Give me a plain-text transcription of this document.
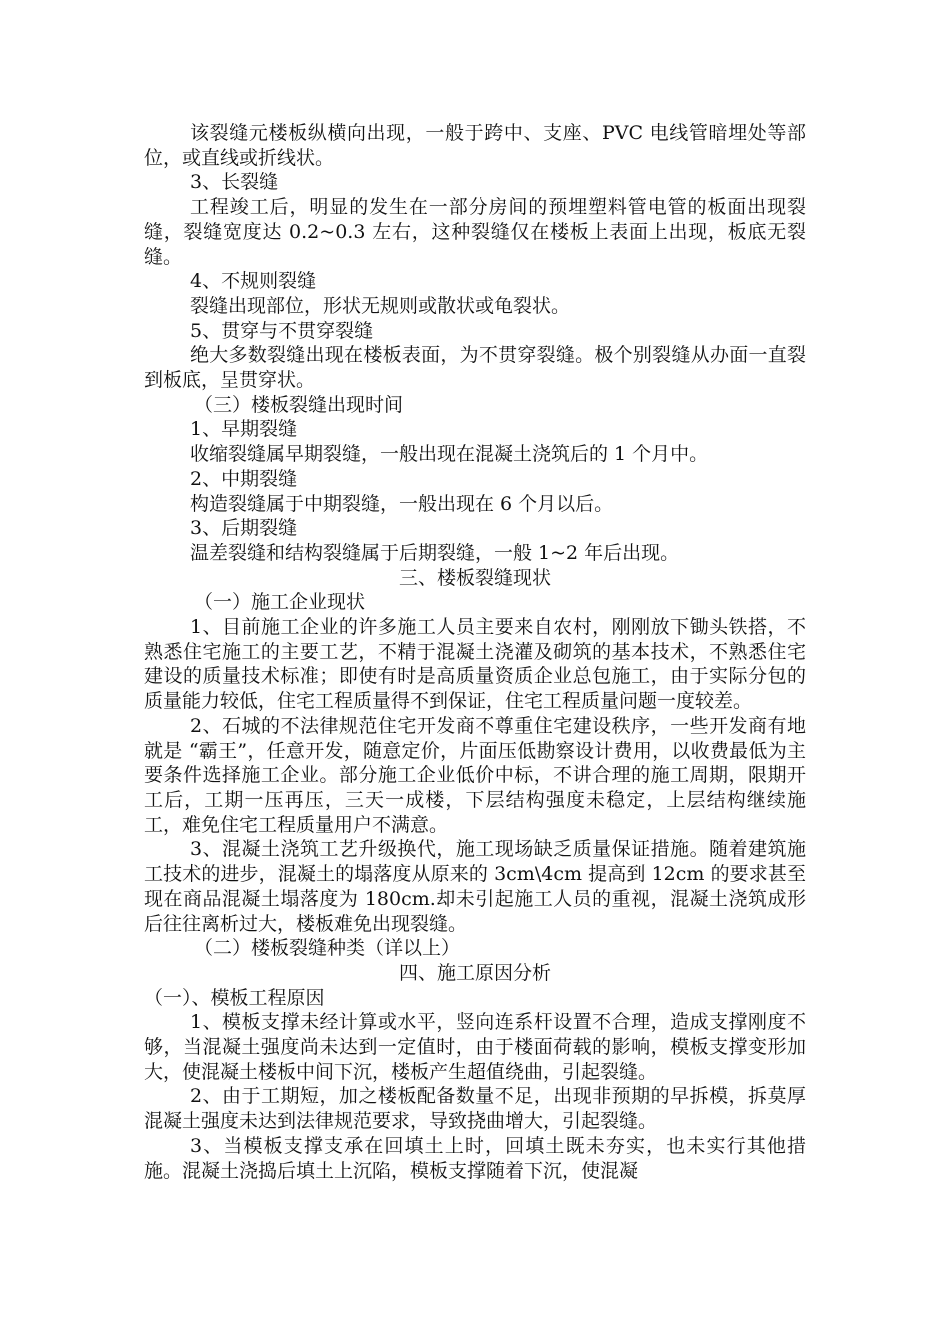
该裂缝元楼板纵横向出现，一般于跨中、支座、PVC 电线管暗埋处等部位，或直线或折线状。

3、长裂缝

工程竣工后，明显的发生在一部分房间的预埋塑料管电管的板面出现裂缝，裂缝宽度达 0.2~0.3 左右，这种裂缝仅在楼板上表面上出现，板底无裂缝。

4、不规则裂缝

裂缝出现部位，形状无规则或散状或龟裂状。

5、贯穿与不贯穿裂缝

绝大多数裂缝出现在楼板表面，为不贯穿裂缝。极个别裂缝从办面一直裂到板底，呈贯穿状。

（三）楼板裂缝出现时间

1、早期裂缝

收缩裂缝属早期裂缝，一般出现在混凝土浇筑后的 1 个月中。

2、中期裂缝

构造裂缝属于中期裂缝，一般出现在 6 个月以后。

3、后期裂缝

温差裂缝和结构裂缝属于后期裂缝，一般 1~2 年后出现。

三、楼板裂缝现状

（一）施工企业现状

1、目前施工企业的许多施工人员主要来自农村，刚刚放下锄头铁搭，不熟悉住宅施工的主要工艺，不精于混凝土浇灌及砌筑的基本技术，不熟悉住宅建设的质量技术标准；即使有时是高质量资质企业总包施工，由于实际分包的质量能力较低，住宅工程质量得不到保证，住宅工程质量问题一度较差。

2、石城的不法律规范住宅开发商不尊重住宅建设秩序，一些开发商有地就是 “霸王”，任意开发，随意定价，片面压低勘察设计费用，以收费最低为主要条件选择施工企业。部分施工企业低价中标，不讲合理的施工周期，限期开工后，工期一压再压，三天一成楼，下层结构强度未稳定，上层结构继续施工，难免住宅工程质量用户不满意。

3、混凝土浇筑工艺升级换代，施工现场缺乏质量保证措施。随着建筑施工技术的进步，混凝土的塌落度从原来的 3cm\4cm 提高到 12cm 的要求甚至现在商品混凝土塌落度为 180cm.却未引起施工人员的重视，混凝土浇筑成形后往往离析过大，楼板难免出现裂缝。

（二）楼板裂缝种类（详以上）

四、施工原因分析

（一）、模板工程原因

1、模板支撑未经计算或水平，竖向连系杆设置不合理，造成支撑刚度不够，当混凝土强度尚未达到一定值时，由于楼面荷载的影响，模板支撑变形加大，使混凝土楼板中间下沉，楼板产生超值绕曲，引起裂缝。

2、由于工期短，加之楼板配备数量不足，出现非预期的早拆模，拆莫厚混凝土强度未达到法律规范要求，导致挠曲增大，引起裂缝。

3、当模板支撑支承在回填土上时，回填土既未夯实，也未实行其他措施。混凝土浇捣后填土上沉陷，模板支撑随着下沉，使混凝
